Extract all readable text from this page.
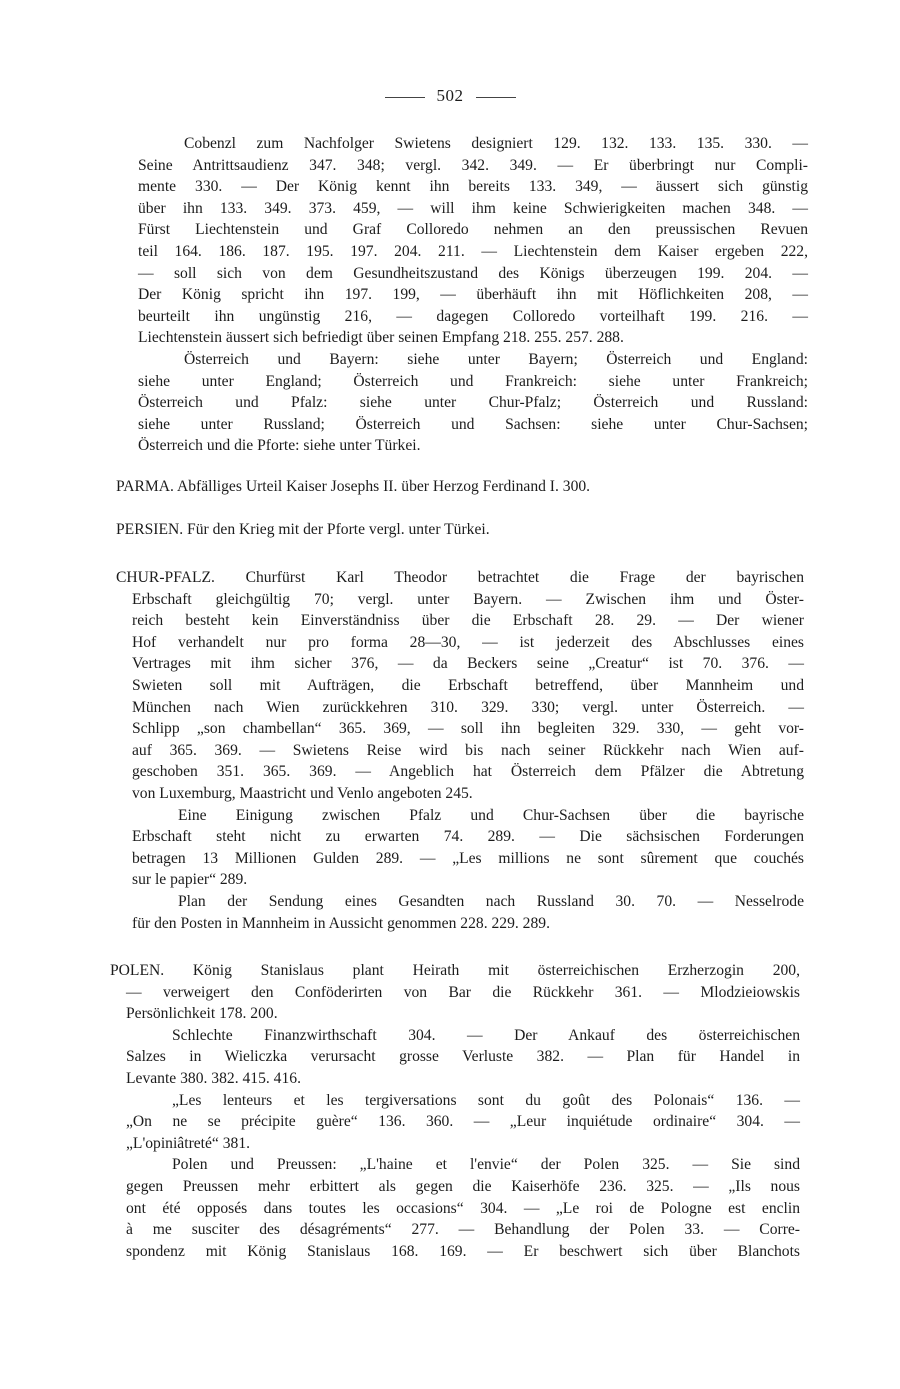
502
Cobenzl zum Nachfolger Swietens designiert 129. 132. 133. 135. 330. —
Seine Antrittsaudienz 347. 348; vergl. 342. 349. — Er überbringt nur Compli-
mente 330. — Der König kennt ihn bereits 133. 349, — äussert sich günstig
über ihn 133. 349. 373. 459, — will ihm keine Schwierigkeiten machen 348. —
Fürst Liechtenstein und Graf Colloredo nehmen an den preussischen Revuen
teil 164. 186. 187. 195. 197. 204. 211. — Liechtenstein dem Kaiser ergeben 222,
— soll sich von dem Gesundheitszustand des Königs überzeugen 199. 204. —
Der König spricht ihn 197. 199, — überhäuft ihn mit Höflichkeiten 208, —
beurteilt ihn ungünstig 216, — dagegen Colloredo vorteilhaft 199. 216. —
Liechtenstein äussert sich befriedigt über seinen Empfang 218. 255. 257. 288.
Österreich und Bayern: siehe unter Bayern; Österreich und England:
siehe unter England; Österreich und Frankreich: siehe unter Frankreich;
Österreich und Pfalz: siehe unter Chur-Pfalz; Österreich und Russland:
siehe unter Russland; Österreich und Sachsen: siehe unter Chur-Sachsen;
Österreich und die Pforte: siehe unter Türkei.
PARMA. Abfälliges Urteil Kaiser Josephs II. über Herzog Ferdinand I. 300.
PERSIEN. Für den Krieg mit der Pforte vergl. unter Türkei.
CHUR-PFALZ. Churfürst Karl Theodor betrachtet die Frage der bayrischen
Erbschaft gleichgültig 70; vergl. unter Bayern. — Zwischen ihm und Öster-
reich besteht kein Einverständniss über die Erbschaft 28. 29. — Der wiener
Hof verhandelt nur pro forma 28—30, — ist jederzeit des Abschlusses eines
Vertrages mit ihm sicher 376, — da Beckers seine „Creatur“ ist 70. 376. —
Swieten soll mit Aufträgen, die Erbschaft betreffend, über Mannheim und
München nach Wien zurückkehren 310. 329. 330; vergl. unter Österreich. —
Schlipp „son chambellan“ 365. 369, — soll ihn begleiten 329. 330, — geht vor-
auf 365. 369. — Swietens Reise wird bis nach seiner Rückkehr nach Wien auf-
geschoben 351. 365. 369. — Angeblich hat Österreich dem Pfälzer die Abtretung
von Luxemburg, Maastricht und Venlo angeboten 245.
Eine Einigung zwischen Pfalz und Chur-Sachsen über die bayrische
Erbschaft steht nicht zu erwarten 74. 289. — Die sächsischen Forderungen
betragen 13 Millionen Gulden 289. — „Les millions ne sont sûrement que couchés
sur le papier“ 289.
Plan der Sendung eines Gesandten nach Russland 30. 70. — Nesselrode
für den Posten in Mannheim in Aussicht genommen 228. 229. 289.
POLEN. König Stanislaus plant Heirath mit österreichischen Erzherzogin 200,
— verweigert den Conföderirten von Bar die Rückkehr 361. — Mlodzieiowskis
Persönlichkeit 178. 200.
Schlechte Finanzwirthschaft 304. — Der Ankauf des österreichischen
Salzes in Wieliczka verursacht grosse Verluste 382. — Plan für Handel in
Levante 380. 382. 415. 416.
„Les lenteurs et les tergiversations sont du goût des Polonais“ 136. —
„On ne se précipite guère“ 136. 360. — „Leur inquiétude ordinaire“ 304. —
„L'opiniâtreté“ 381.
Polen und Preussen: „L'haine et l'envie“ der Polen 325. — Sie sind
gegen Preussen mehr erbittert als gegen die Kaiserhöfe 236. 325. — „Ils nous
ont été opposés dans toutes les occasions“ 304. — „Le roi de Pologne est enclin
à me susciter des désagréments“ 277. — Behandlung der Polen 33. — Corre-
spondenz mit König Stanislaus 168. 169. — Er beschwert sich über Blanchots
